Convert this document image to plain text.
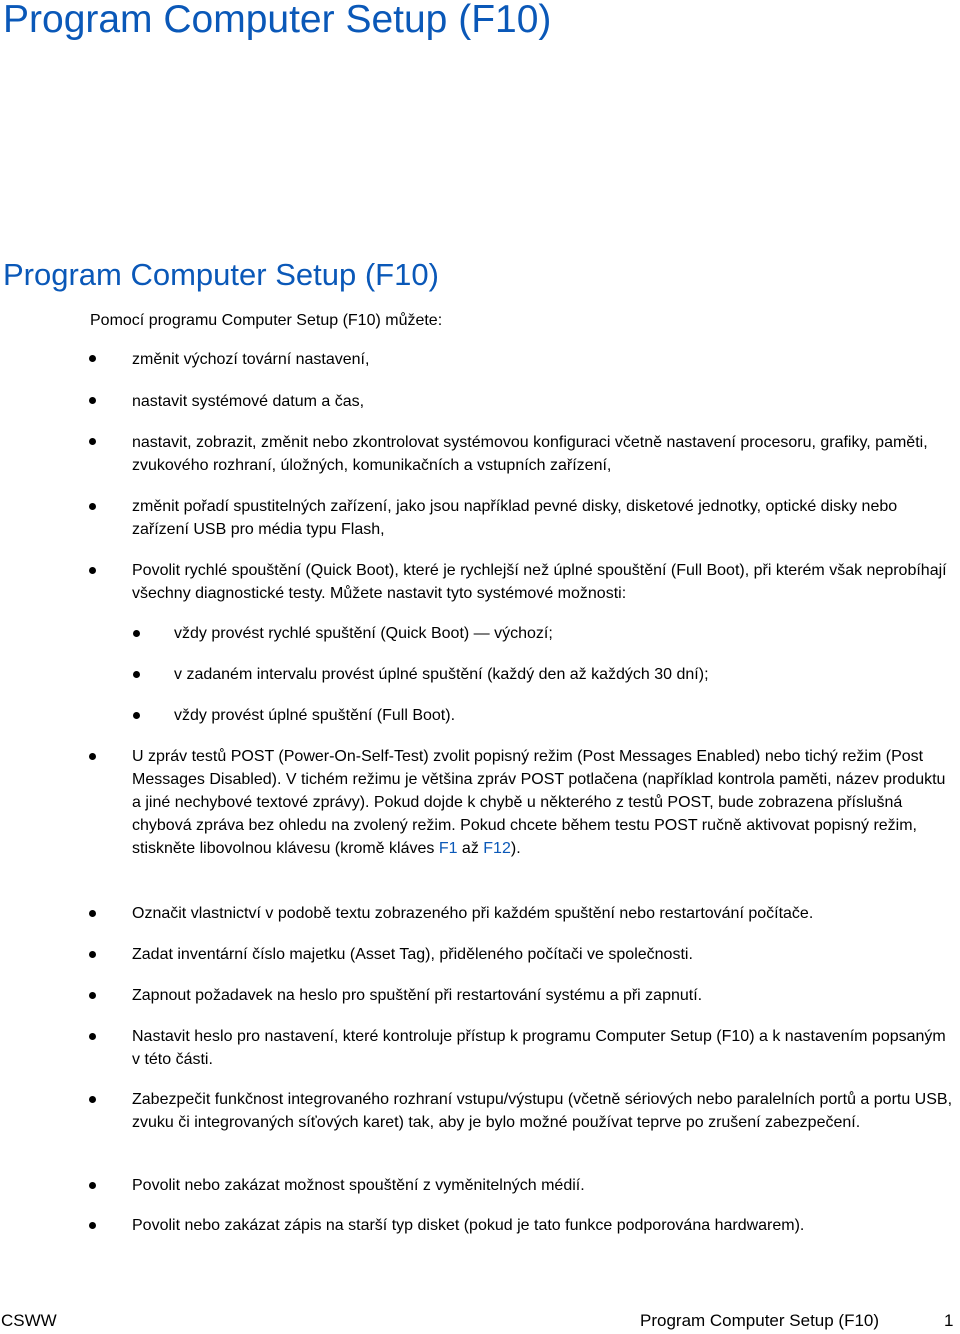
Program Computer Setup (F10)
Program Computer Setup (F10)

Pomocí programu Computer Setup (F10) můžete:

změnit výchozí tovární nastavení,
nastavit systémové datum a čas,
nastavit, zobrazit, změnit nebo zkontrolovat systémovou konfiguraci včetně nastavení procesoru, grafiky, paměti, zvukového rozhraní, úložných, komunikačních a vstupních zařízení,
změnit pořadí spustitelných zařízení, jako jsou například pevné disky, disketové jednotky, optické disky nebo zařízení USB pro média typu Flash,
Povolit rychlé spouštění (Quick Boot), které je rychlejší než úplné spouštění (Full Boot), při kterém však neprobíhají všechny diagnostické testy. Můžete nastavit tyto systémové možnosti:
vždy provést rychlé spuštění (Quick Boot) — výchozí;
v zadaném intervalu provést úplné spuštění (každý den až každých 30 dní);
vždy provést úplné spuštění (Full Boot).
U zpráv testů POST (Power-On-Self-Test) zvolit popisný režim (Post Messages Enabled) nebo tichý režim (Post Messages Disabled). V tichém režimu je většina zpráv POST potlačena (například kontrola paměti, název produktu a jiné nechybové textové zprávy). Pokud dojde k chybě u některého z testů POST, bude zobrazena příslušná chybová zpráva bez ohledu na zvolený režim. Pokud chcete během testu POST ručně aktivovat popisný režim, stiskněte libovolnou klávesu (kromě kláves F1 až F12).
Označit vlastnictví v podobě textu zobrazeného při každém spuštění nebo restartování počítače.
Zadat inventární číslo majetku (Asset Tag), přiděleného počítači ve společnosti.
Zapnout požadavek na heslo pro spuštění při restartování systému a při zapnutí.
Nastavit heslo pro nastavení, které kontroluje přístup k programu Computer Setup (F10) a k nastavením popsaným v této části.
Zabezpečit funkčnost integrovaného rozhraní vstupu/výstupu (včetně sériových nebo paralelních portů a portu USB, zvuku či integrovaných síťových karet) tak, aby je bylo možné používat teprve po zrušení zabezpečení.
Povolit nebo zakázat možnost spouštění z vyměnitelných médií.
Povolit nebo zakázat zápis na starší typ disket (pokud je tato funkce podporována hardwarem).
CSWW	Program Computer Setup (F10)	1
